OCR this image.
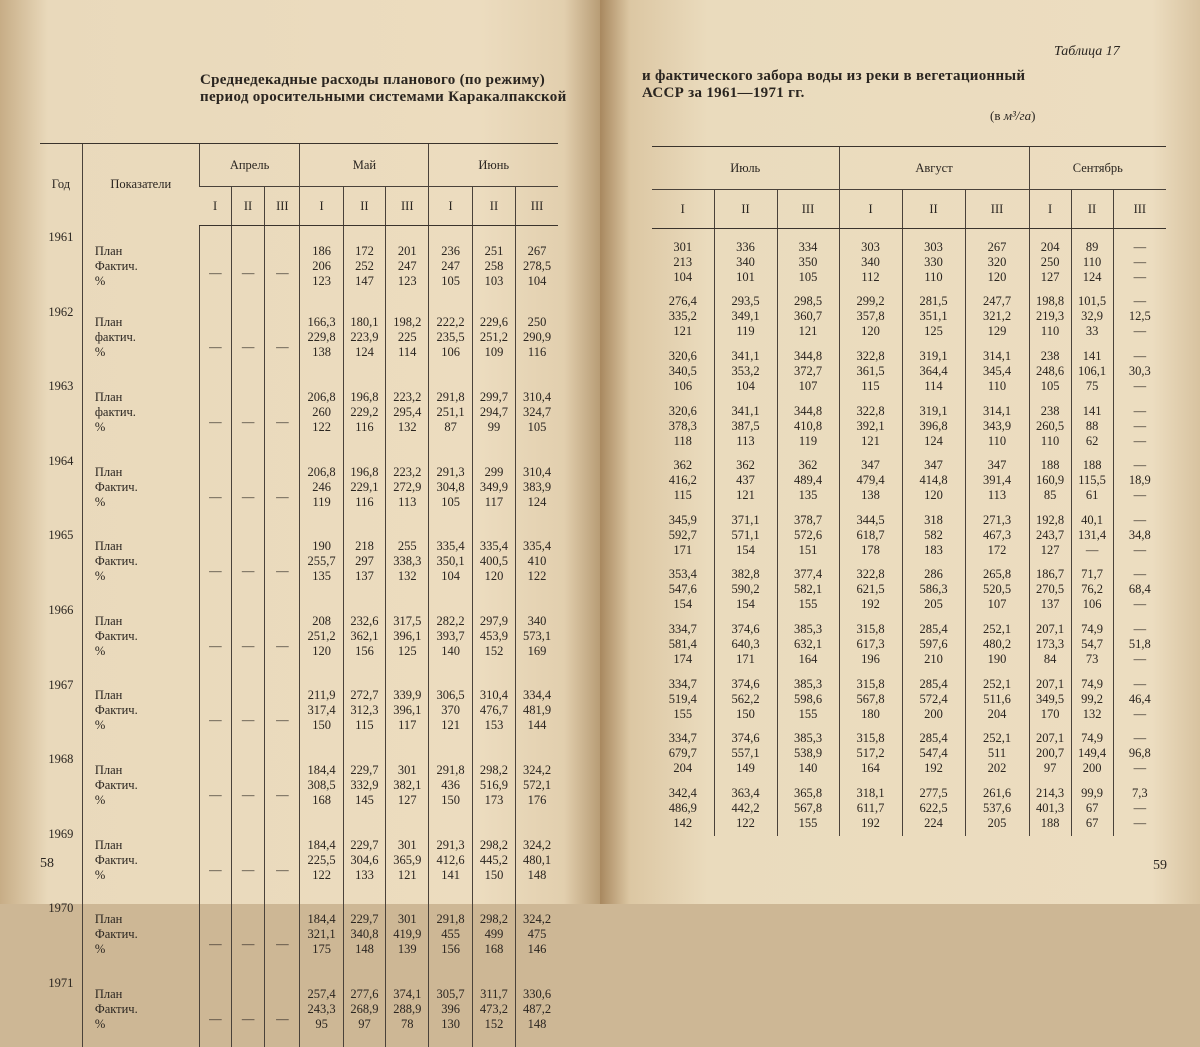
Среднедекадные расходы планового (по режиму)
период оросительными системами Каракалпакской
Год	Показатели	Апрель			Май			Июнь		
		I	II	III	I	II	III	I	II	III
1961	План
Фактич.
%	—	—	—	186
206
123	172
252
147	201
247
123	236
247
105	251
258
103	267
278,5
104

1962	План
фактич.
%	—	—	—	166,3
229,8
138	180,1
223,9
124	198,2
225
114	222,2
235,5
106	229,6
251,2
109	250
290,9
116

1963	План
фактич.
%	—	—	—	206,8
260
122	196,8
229,2
116	223,2
295,4
132	291,8
251,1
87	299,7
294,7
99	310,4
324,7
105

1964	План
Фактич.
%	—	—	—	206,8
246
119	196,8
229,1
116	223,2
272,9
113	291,3
304,8
105	299
349,9
117	310,4
383,9
124

1965	План
Фактич.
%	—	—	—	190
255,7
135	218
297
137	255
338,3
132	335,4
350,1
104	335,4
400,5
120	335,4
410
122

1966	План
Фактич.
%	—	—	—	208
251,2
120	232,6
362,1
156	317,5
396,1
125	282,2
393,7
140	297,9
453,9
152	340
573,1
169

1967	План
Фактич.
%	—	—	—	211,9
317,4
150	272,7
312,3
115	339,9
396,1
117	306,5
370
121	310,4
476,7
153	334,4
481,9
144

1968	План
Фактич.
%	—	—	—	184,4
308,5
168	229,7
332,9
145	301
382,1
127	291,8
436
150	298,2
516,9
173	324,2
572,1
176

1969	План
Фактич.
%	—	—	—	184,4
225,5
122	229,7
304,6
133	301
365,9
121	291,3
412,6
141	298,2
445,2
150	324,2
480,1
148

1970	План
Фактич.
%	—	—	—	184,4
321,1
175	229,7
340,8
148	301
419,9
139	291,8
455
156	298,2
499
168	324,2
475
146

1971	План
Фактич.
%	—	—	—	257,4
243,3
95	277,6
268,9
97	374,1
288,9
78	305,7
396
130	311,7
473,2
152	330,6
487,2
148
58
Таблица 17
и фактического забора воды из реки в вегетационный
АССР за 1961—1971 гг.
(в м³/га)
Июль			Август			Сентябрь		
I	II	III	I	II	III	I	II	III

301
213
104	336
340
101	334
350
105	303
340
112	303
330
110	267
320
120	204
250
127	89
110
124	—
—
—

276,4
335,2
121	293,5
349,1
119	298,5
360,7
121	299,2
357,8
120	281,5
351,1
125	247,7
321,2
129	198,8
219,3
110	101,5
32,9
33	—
12,5
—

320,6
340,5
106	341,1
353,2
104	344,8
372,7
107	322,8
361,5
115	319,1
364,4
114	314,1
345,4
110	238
248,6
105	141
106,1
75	—
30,3
—

320,6
378,3
118	341,1
387,5
113	344,8
410,8
119	322,8
392,1
121	319,1
396,8
124	314,1
343,9
110	238
260,5
110	141
88
62	—
—
—

362
416,2
115	362
437
121	362
489,4
135	347
479,4
138	347
414,8
120	347
391,4
113	188
160,9
85	188
115,5
61	—
18,9
—

345,9
592,7
171	371,1
571,1
154	378,7
572,6
151	344,5
618,7
178	318
582
183	271,3
467,3
172	192,8
243,7
127	40,1
131,4
—	—
34,8
—

353,4
547,6
154	382,8
590,2
154	377,4
582,1
155	322,8
621,5
192	286
586,3
205	265,8
520,5
107	186,7
270,5
137	71,7
76,2
106	—
68,4
—

334,7
581,4
174	374,6
640,3
171	385,3
632,1
164	315,8
617,3
196	285,4
597,6
210	252,1
480,2
190	207,1
173,3
84	74,9
54,7
73	—
51,8
—

334,7
519,4
155	374,6
562,2
150	385,3
598,6
155	315,8
567,8
180	285,4
572,4
200	252,1
511,6
204	207,1
349,5
170	74,9
99,2
132	—
46,4
—

334,7
679,7
204	374,6
557,1
149	385,3
538,9
140	315,8
517,2
164	285,4
547,4
192	252,1
511
202	207,1
200,7
97	74,9
149,4
200	—
96,8
—

342,4
486,9
142	363,4
442,2
122	365,8
567,8
155	318,1
611,7
192	277,5
622,5
224	261,6
537,6
205	214,3
401,3
188	99,9
67
67	7,3
—
—
59
